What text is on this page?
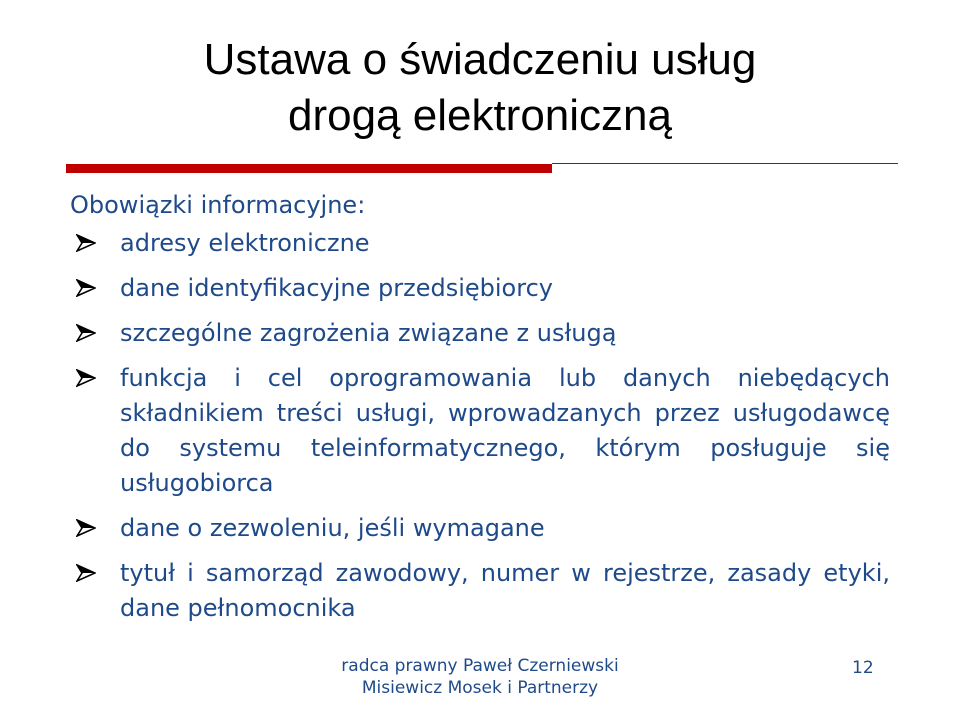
Ustawa o świadczeniu usług
drogą elektroniczną
Obowiązki informacyjne:
adresy elektroniczne
dane identyfikacyjne przedsiębiorcy
szczególne zagrożenia związane z usługą
funkcja i cel oprogramowania lub danych niebędących składnikiem treści usługi, wprowadzanych przez usługodawcę do systemu teleinformatycznego, którym posługuje się usługobiorca
dane o zezwoleniu, jeśli wymagane
tytuł i samorząd zawodowy, numer w rejestrze, zasady etyki, dane pełnomocnika
radca prawny Paweł Czerniewski
Misiewicz Mosek i Partnerzy
12
